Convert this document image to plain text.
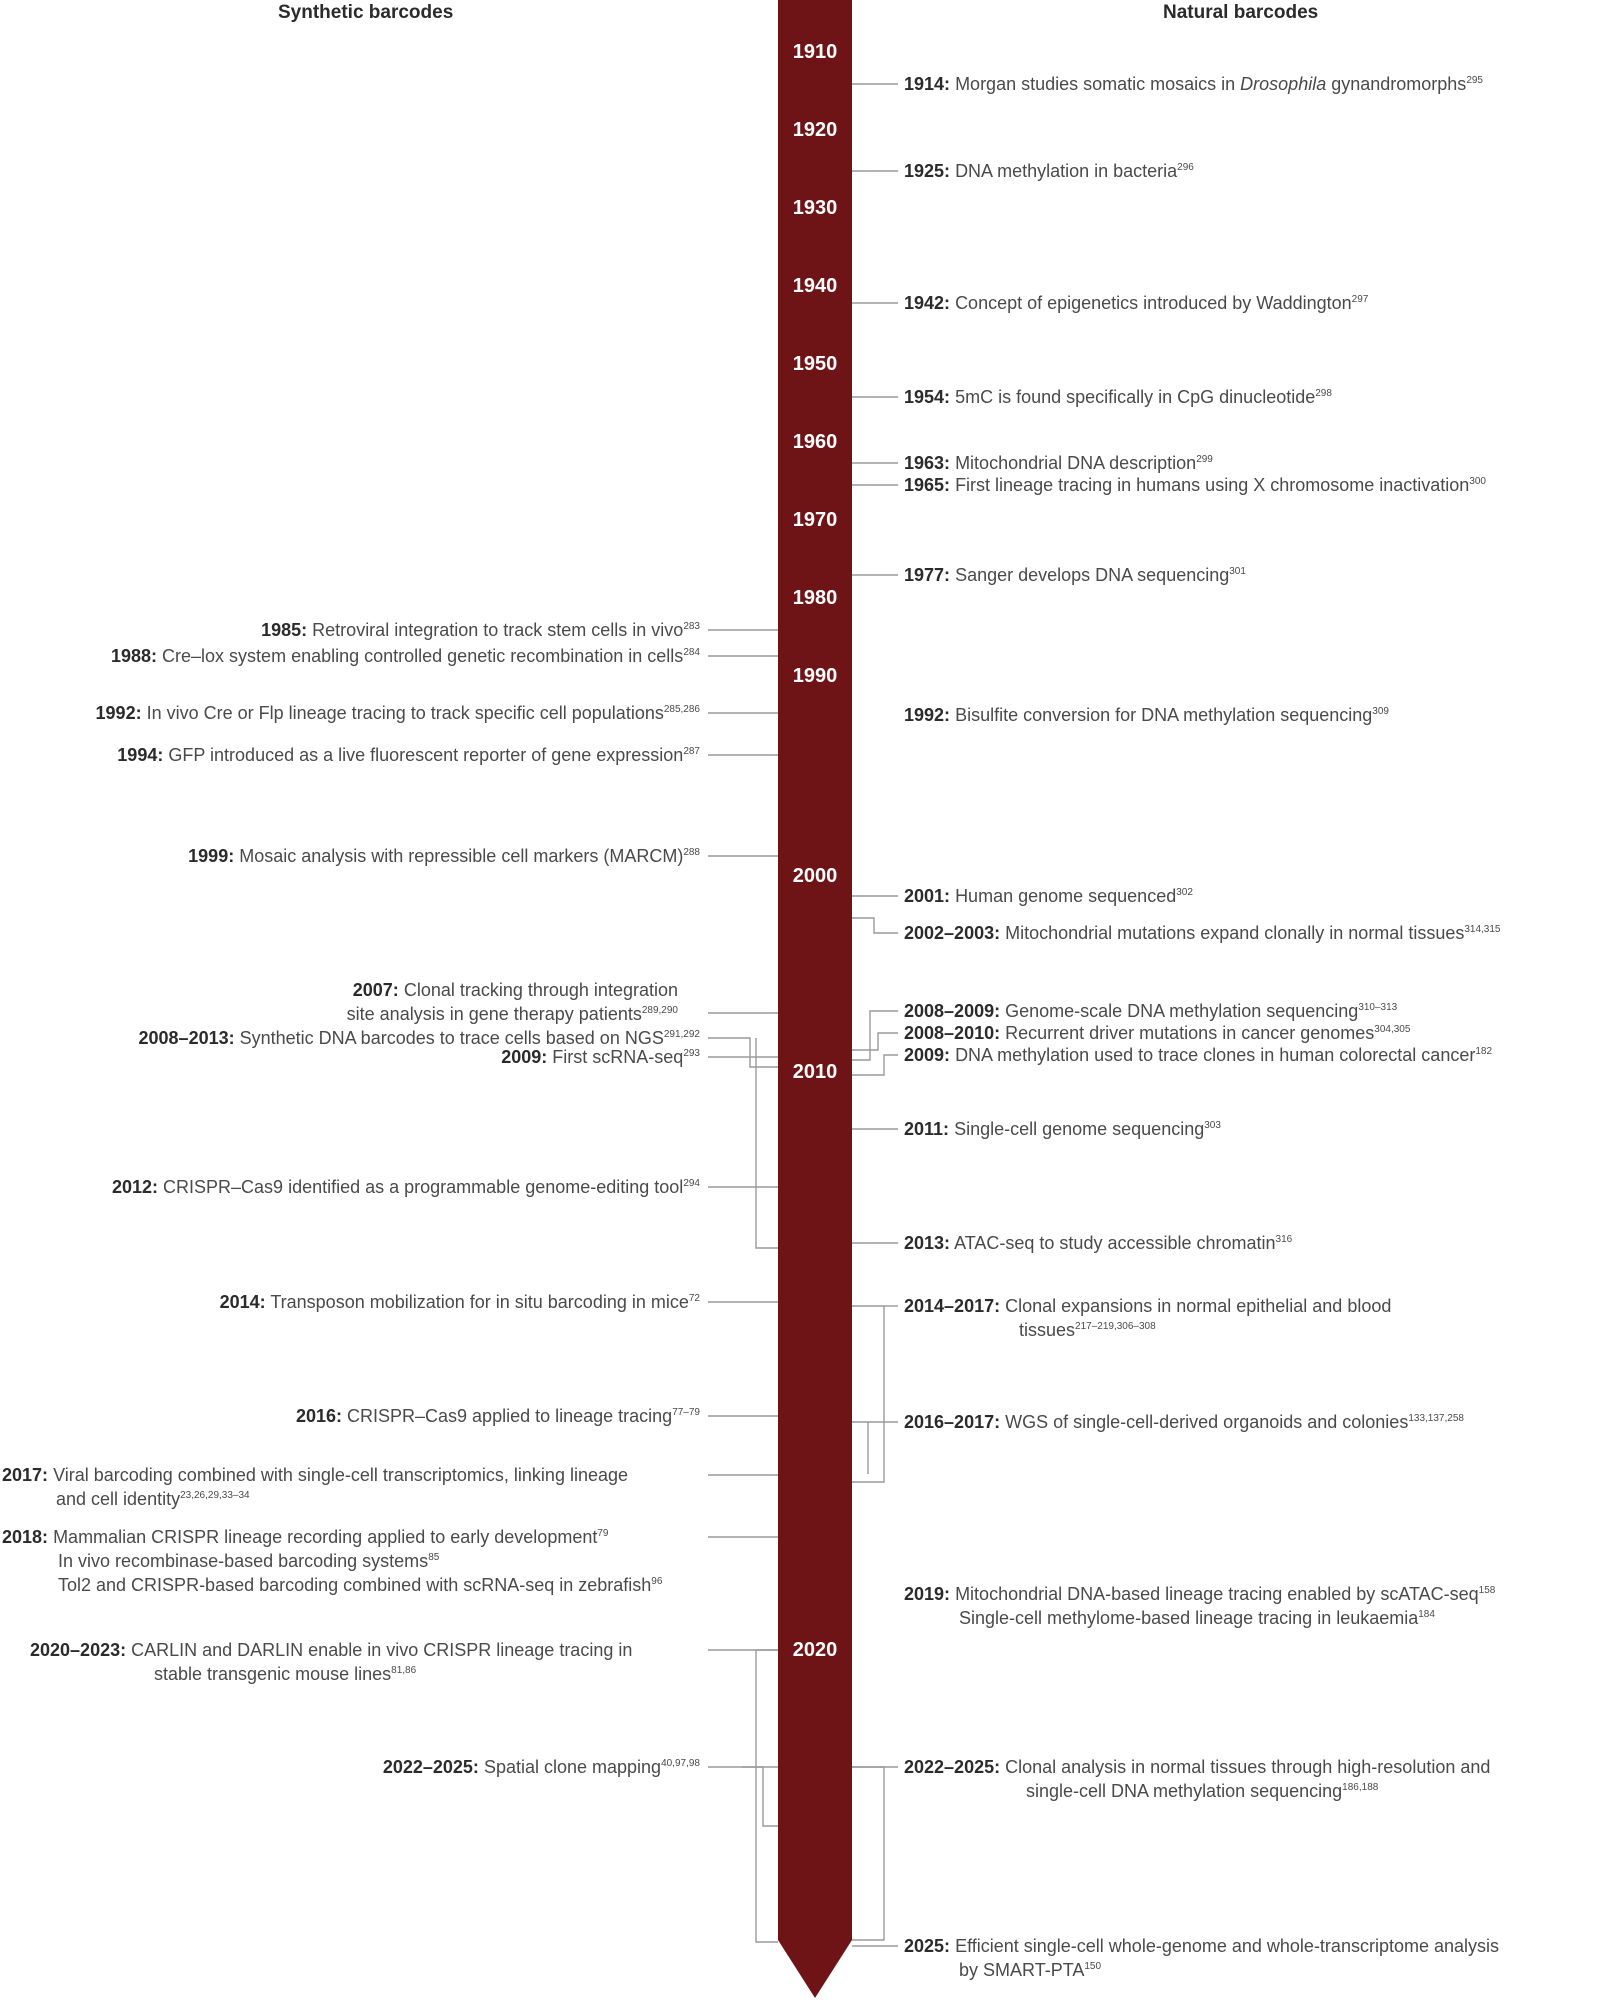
Synthetic barcodes	Natural barcodes
1910
1920
1930
1940
1950
1960
1970
1980
1990
2000
2010
2020
1985: Retroviral integration to track stem cells in vivo$^{283}$
1988: Cre–lox system enabling controlled genetic recombination in cells$^{284}$
1992: In vivo Cre or Flp lineage tracing to track specific cell populations$^{285,286}$
1994: GFP introduced as a live fluorescent reporter of gene expression$^{287}$
1999: Mosaic analysis with repressible cell markers (MARCM)$^{288}$
2007: Clonal tracking through integration
site analysis in gene therapy patients$^{289,290}$
2008–2013: Synthetic DNA barcodes to trace cells based on NGS$^{291,292}$
2009: First scRNA-seq$^{293}$
2012: CRISPR–Cas9 identified as a programmable genome-editing tool$^{294}$
2014: Transposon mobilization for in situ barcoding in mice$^{72}$
2016: CRISPR–Cas9 applied to lineage tracing$^{77-79}$
2017: Viral barcoding combined with single-cell transcriptomics, linking lineage
and cell identity$^{23,26,29,33-34}$
2018: Mammalian CRISPR lineage recording applied to early development$^{79}$
In vivo recombinase-based barcoding systems$^{85}$
Tol2 and CRISPR-based barcoding combined with scRNA-seq in zebrafish$^{96}$
2020–2023: CARLIN and DARLIN enable in vivo CRISPR lineage tracing in
stable transgenic mouse lines$^{81,86}$
2022–2025: Spatial clone mapping$^{40,97,98}$
1914: Morgan studies somatic mosaics in Drosophila gynandromorphs$^{295}$
1925: DNA methylation in bacteria$^{296}$
1942: Concept of epigenetics introduced by Waddington$^{297}$
1954: 5mC is found specifically in CpG dinucleotide$^{298}$
1963: Mitochondrial DNA description$^{299}$
1965: First lineage tracing in humans using X chromosome inactivation$^{300}$
1977: Sanger develops DNA sequencing$^{301}$
1992: Bisulfite conversion for DNA methylation sequencing$^{309}$
2001: Human genome sequenced$^{302}$
2002–2003: Mitochondrial mutations expand clonally in normal tissues$^{314,315}$
2008–2009: Genome-scale DNA methylation sequencing$^{310-313}$
2008–2010: Recurrent driver mutations in cancer genomes$^{304,305}$
2009: DNA methylation used to trace clones in human colorectal cancer$^{182}$
2011: Single-cell genome sequencing$^{303}$
2013: ATAC-seq to study accessible chromatin$^{316}$
2014–2017: Clonal expansions in normal epithelial and blood
tissues$^{217-219,306-308}$
2016–2017: WGS of single-cell-derived organoids and colonies$^{133,137,258}$
2019: Mitochondrial DNA-based lineage tracing enabled by scATAC-seq$^{158}$
Single-cell methylome-based lineage tracing in leukaemia$^{184}$
2022–2025: Clonal analysis in normal tissues through high-resolution and
single-cell DNA methylation sequencing$^{186,188}$
2025: Efficient single-cell whole-genome and whole-transcriptome analysis
by SMART-PTA$^{150}$
